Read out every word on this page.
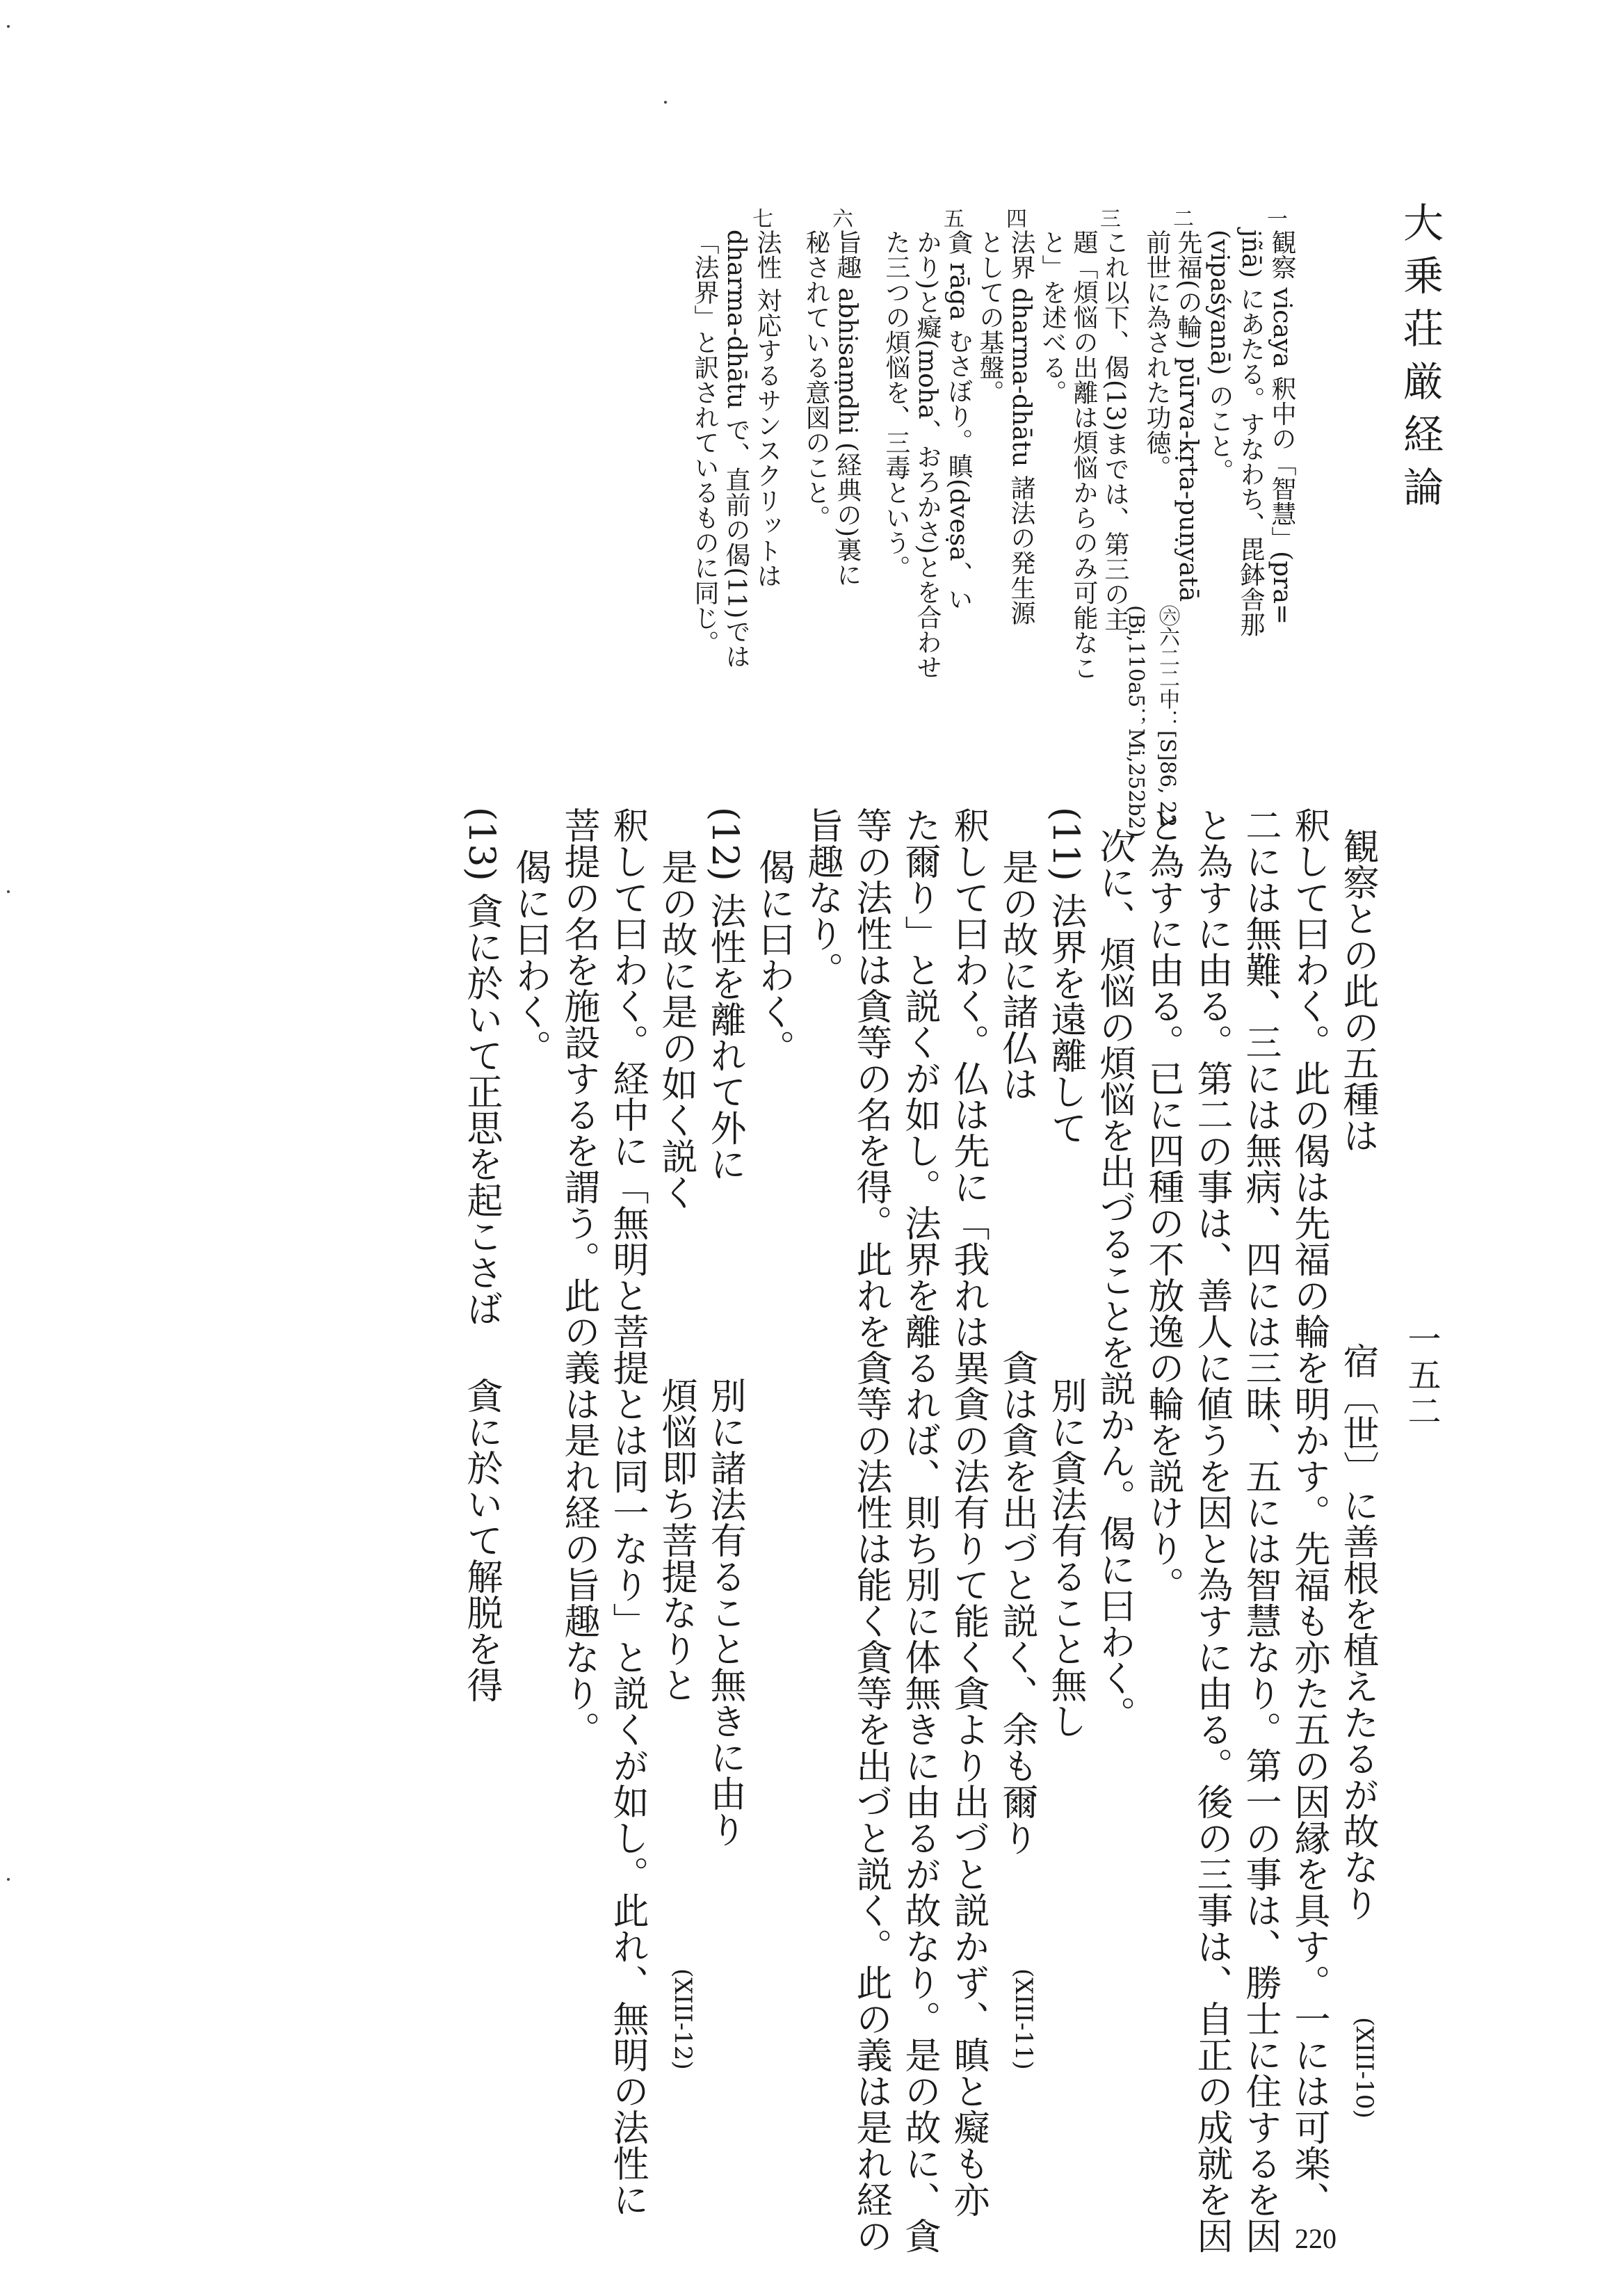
大乗荘厳経論
一五二
220
観察 vicaya 釈中の「智慧」(pra=
jñā) にあたる。すなわち、毘鉢舎那
(vipaśyanā) のこと。
先福(の輪) pūrva-kṛta-puṇyatā
前世に為された功徳。
これ以下、偈(13)までは、第三の主
題「煩悩の出離は煩悩からのみ可能なこ
と」を述べる。
法界 dharma-dhātu 諸法の発生源
としての基盤。
貪 rāga むさぼり。瞋(dveṣa、い
かり)と癡(moha、おろかさ)とを合わせ
た三つの煩悩を、三毒という。
旨趣 abhisaṃdhi (経典の)裏に
秘されている意図のこと。
法性 対応するサンスクリットは
dharma-dhātu で、直前の偈(11)では
「法界」と訳されているものに同じ。
㊅六二二中：[S]86, 22
(Bi,110a5；Mi,252b2)
一
二
三
四
五
六
七
観察との此の五種は
釈して曰わく。此の偈は先福の輪を明かす。先福も亦た五の因縁を具す。一には可楽、
二には無難、三には無病、四には三昧、五には智慧なり。第一の事は、勝士に住するを因
と為すに由る。第二の事は、善人に値うを因と為すに由る。後の三事は、自正の成就を因
と為すに由る。已に四種の不放逸の輪を説けり。
次に、煩悩の煩悩を出づることを説かん。偈に曰わく。
(11) 法界を遠離して
是の故に諸仏は
釈して曰わく。仏は先に「我れは異貪の法有りて能く貪より出づと説かず、瞋と癡も亦
た爾り」と説くが如し。法界を離るれば、則ち別に体無きに由るが故なり。是の故に、貪
等の法性は貪等の名を得。此れを貪等の法性は能く貪等を出づと説く。此の義は是れ経の
旨趣なり。
偈に曰わく。
(12) 法性を離れて外に
是の故に是の如く説く
釈して曰わく。経中に「無明と菩提とは同一なり」と説くが如し。此れ、無明の法性に
菩提の名を施設するを謂う。此の義は是れ経の旨趣なり。
偈に曰わく。
(13) 貪に於いて正思を起こさば
宿〔世〕に善根を植えたるが故なり
(XIII-10)
別に貪法有ること無し
貪は貪を出づと説く、余も爾り
(XIII-11)
別に諸法有ること無きに由り
煩悩即ち菩提なりと
(XIII-12)
貪に於いて解脱を得
